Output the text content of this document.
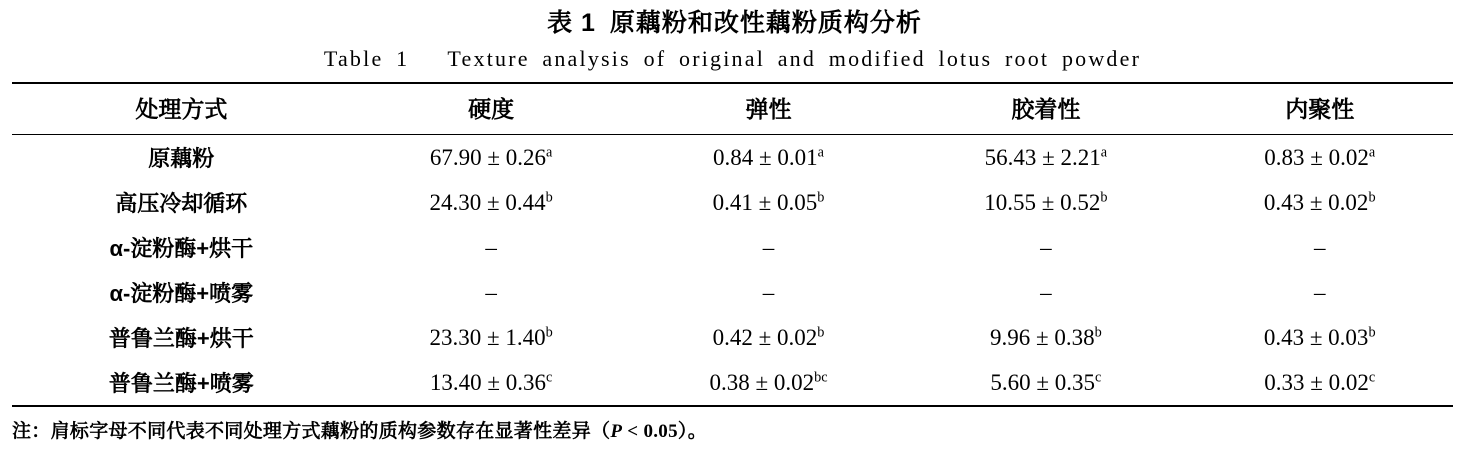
表 1 原藕粉和改性藕粉质构分析
Table 1 Texture analysis of original and modified lotus root powder
处理方式	硬度	弹性	胶着性	内聚性
原藕粉	67.90 ± 0.26$^a$	0.84 ± 0.01$^a$	56.43 ± 2.21$^a$	0.83 ± 0.02$^a$
高压冷却循环	24.30 ± 0.44$^b$	0.41 ± 0.05$^b$	10.55 ± 0.52$^b$	0.43 ± 0.02$^b$
α-淀粉酶+烘干	–	–	–	–
α-淀粉酶+喷雾	–	–	–	–
普鲁兰酶+烘干	23.30 ± 1.40$^b$	0.42 ± 0.02$^b$	9.96 ± 0.38$^b$	0.43 ± 0.03$^b$
普鲁兰酶+喷雾	13.40 ± 0.36$^c$	0.38 ± 0.02$^{bc}$	5.60 ± 0.35$^c$	0.33 ± 0.02$^c$
注：肩标字母不同代表不同处理方式藕粉的质构参数存在显著性差异（P < 0.05）。
